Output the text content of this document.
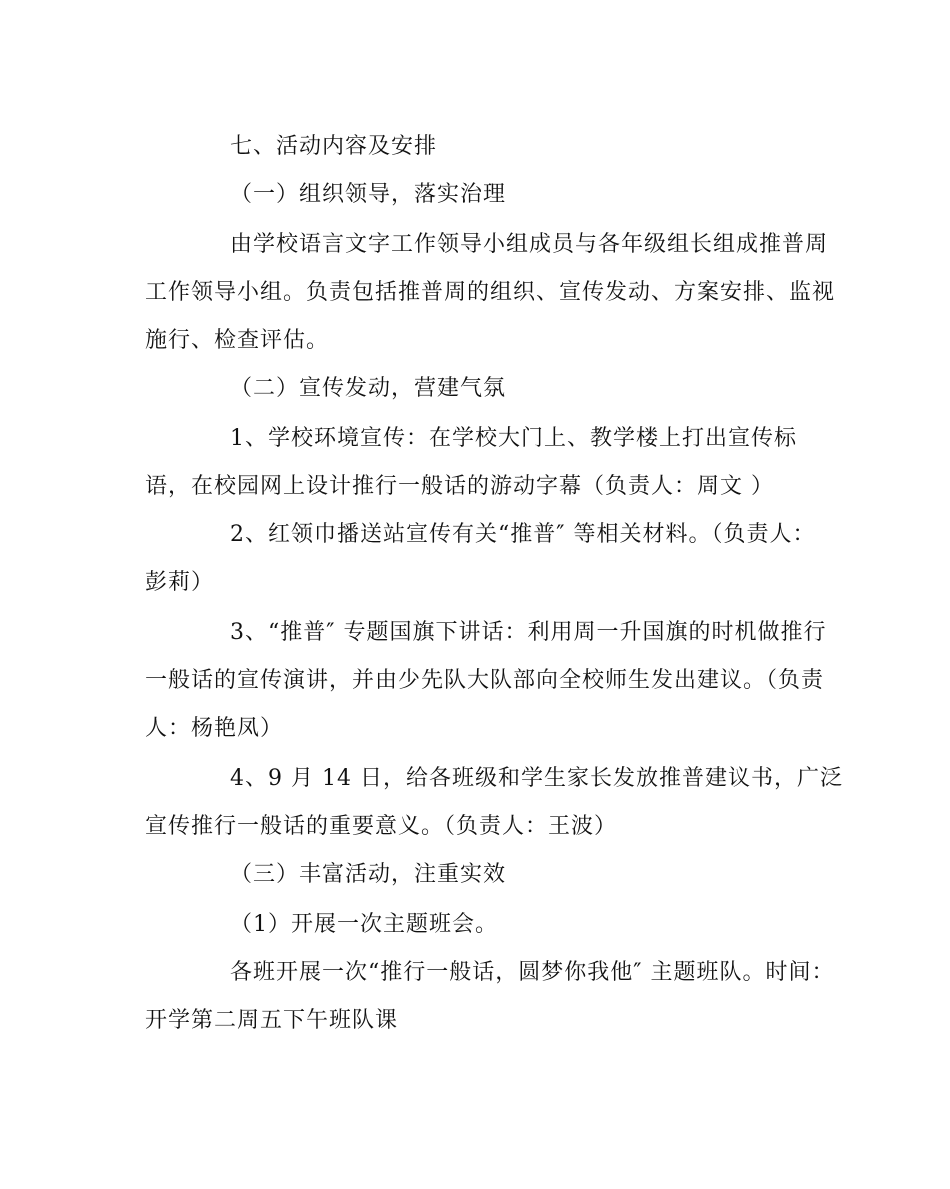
七、活动内容及安排
（一）组织领导，落实治理
由学校语言文字工作领导小组成员与各年级组长组成推普周
工作领导小组。负责包括推普周的组织、宣传发动、方案安排、监视
施行、检查评估。
（二）宣传发动，营建气氛
1、学校环境宣传：在学校大门上、教学楼上打出宣传标
语，在校园网上设计推行一般话的游动字幕（负责人：周文 ）
2、红领巾播送站宣传有关“推普″ 等相关材料。（负责人：
彭莉）
3、“推普″ 专题国旗下讲话：利用周一升国旗的时机做推行
一般话的宣传演讲，并由少先队大队部向全校师生发出建议。（负责
人：杨艳凤）
4、9 月 14 日，给各班级和学生家长发放推普建议书，广泛
宣传推行一般话的重要意义。（负责人：王波）
（三）丰富活动，注重实效
（1）开展一次主题班会。
各班开展一次“推行一般话，圆梦你我他″ 主题班队。时间：
开学第二周五下午班队课
